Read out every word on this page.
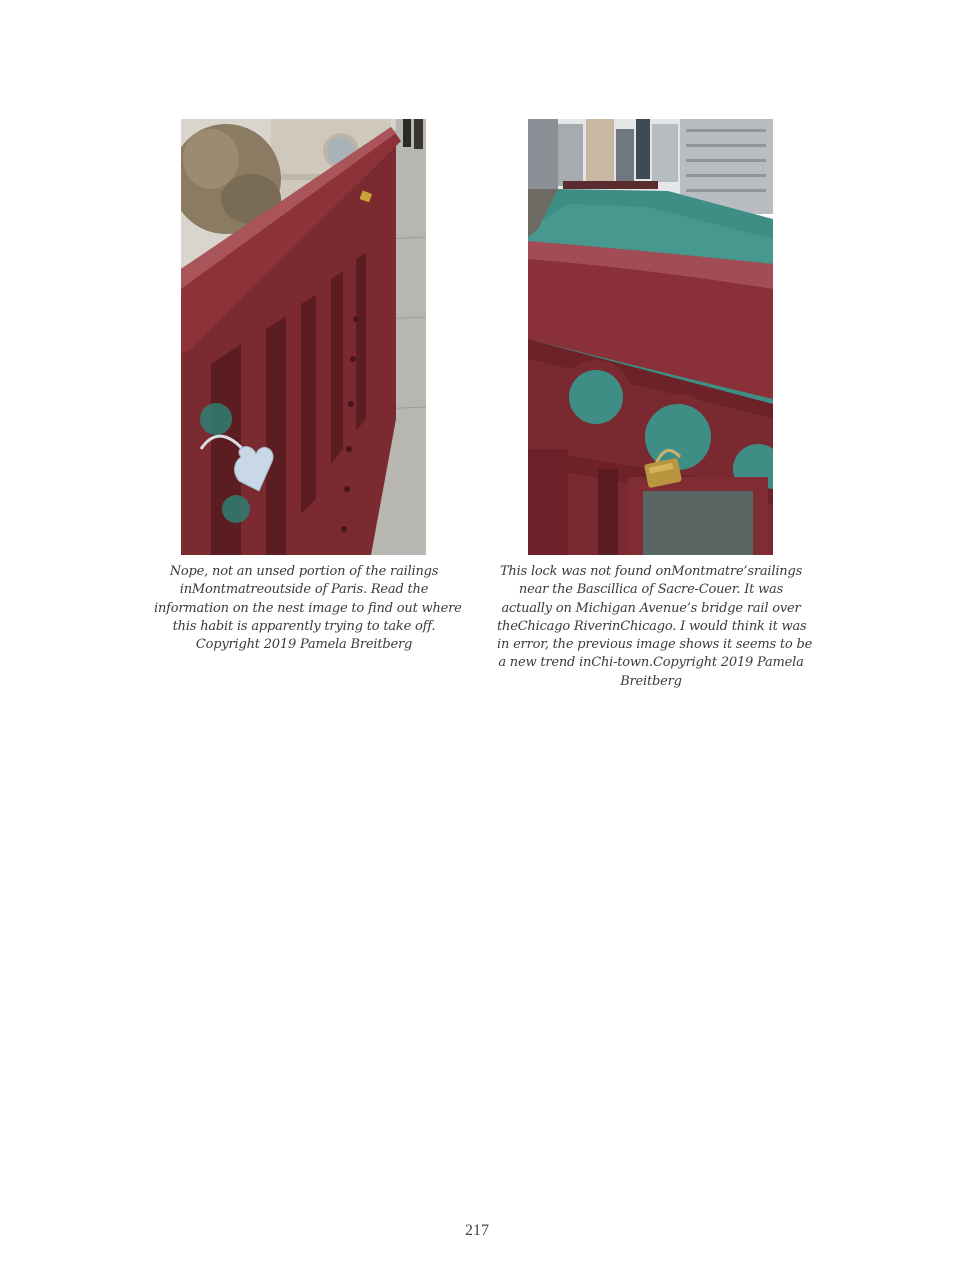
Nope, not an unsed portion of the railings
inMontmatreoutside of Paris. Read the
information on the nest image to find out where
this habit is apparently trying to take off.
Copyright 2019 Pamela Breitberg
This lock was not found onMontmatre’srailings
near the Bascillica of Sacre-Couer. It was
actually on Michigan Avenue’s bridge rail over
theChicago RiverinChicago. I would think it was
in error, the previous image shows it seems to be
a new trend inChi-town.Copyright 2019 Pamela
Breitberg
217
